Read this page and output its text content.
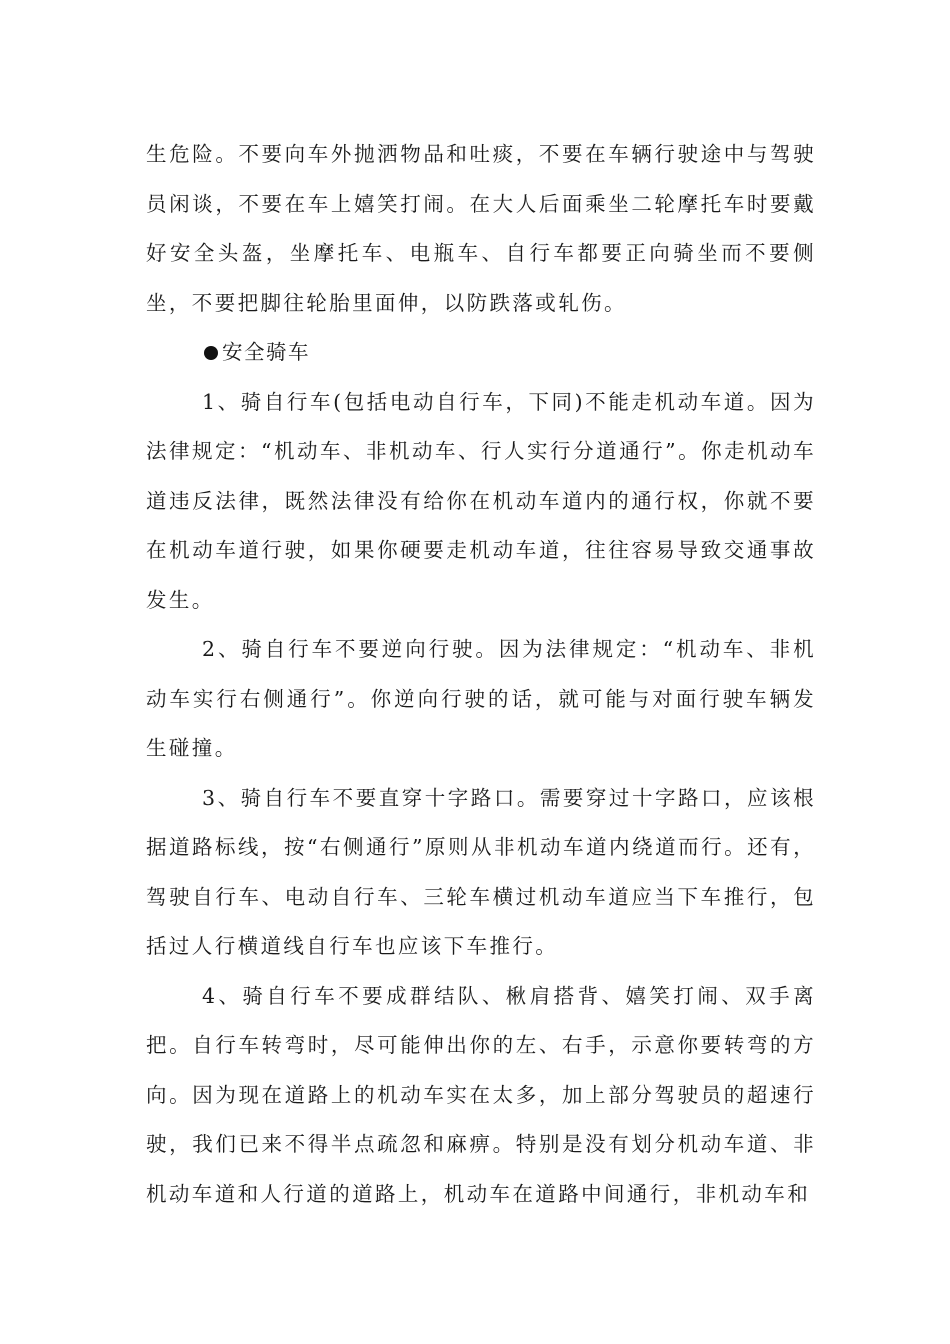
生危险。不要向车外抛洒物品和吐痰，不要在车辆行驶途中与驾驶员闲谈，不要在车上嬉笑打闹。在大人后面乘坐二轮摩托车时要戴好安全头盔，坐摩托车、电瓶车、自行车都要正向骑坐而不要侧坐，不要把脚往轮胎里面伸，以防跌落或轧伤。

安全骑车

1、骑自行车(包括电动自行车，下同)不能走机动车道。因为法律规定：“机动车、非机动车、行人实行分道通行”。你走机动车道违反法律，既然法律没有给你在机动车道内的通行权，你就不要在机动车道行驶，如果你硬要走机动车道，往往容易导致交通事故发生。

2、骑自行车不要逆向行驶。因为法律规定：“机动车、非机动车实行右侧通行”。你逆向行驶的话，就可能与对面行驶车辆发生碰撞。

3、骑自行车不要直穿十字路口。需要穿过十字路口，应该根据道路标线，按“右侧通行”原则从非机动车道内绕道而行。还有，驾驶自行车、电动自行车、三轮车横过机动车道应当下车推行，包括过人行横道线自行车也应该下车推行。

4、骑自行车不要成群结队、楸肩搭背、嬉笑打闹、双手离把。自行车转弯时，尽可能伸出你的左、右手，示意你要转弯的方向。因为现在道路上的机动车实在太多，加上部分驾驶员的超速行驶，我们已来不得半点疏忽和麻痹。特别是没有划分机动车道、非机动车道和人行道的道路上，机动车在道路中间通行，非机动车和
